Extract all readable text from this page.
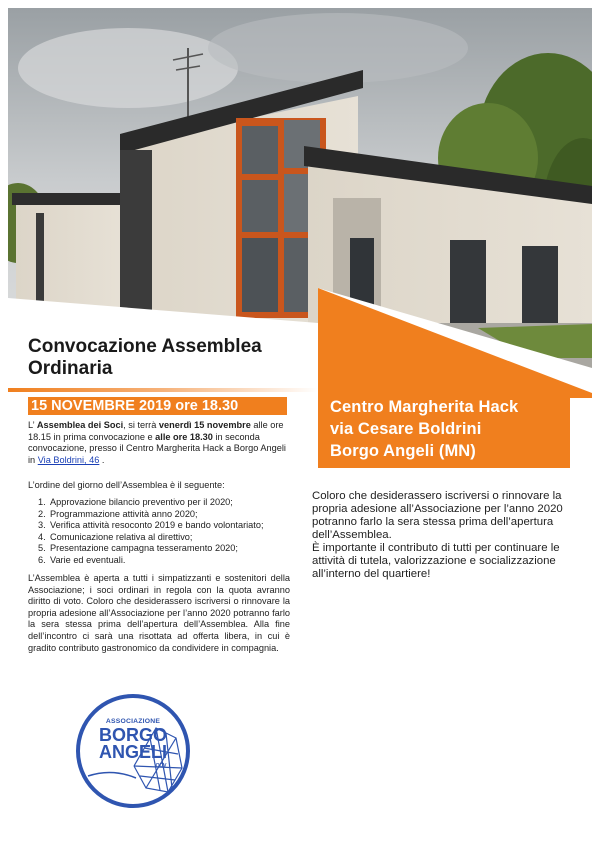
Centro Margherita Hack
via Cesare Boldrini
Borgo Angeli (MN)
Convocazione Assemblea
Ordinaria
15 NOVEMBRE 2019 ore 18.30
L’ Assemblea dei Soci, si terrà venerdì 15 novembre alle ore 18.15 in prima convocazione e alle ore 18.30 in seconda convocazione, presso il Centro Margherita Hack a Borgo Angeli in Via Boldrini, 46 .
L’ordine del giorno dell’Assemblea è il seguente:
1. Approvazione bilancio preventivo per il 2020;
2. Programmazione attività anno 2020;
3. Verifica attività resoconto 2019 e bando volontariato;
4. Comunicazione relativa al direttivo;
5. Presentazione campagna tesseramento 2020;
6. Varie ed eventuali.
L’Assemblea è aperta a tutti i simpatizzanti e sostenitori della Associazione; i soci ordinari in regola con la quota avranno diritto di voto. Coloro che desiderassero iscriversi o rinnovare la propria adesione all’Associazione per l’anno 2020 potranno farlo la sera stessa prima dell’apertura dell’Assemblea. Alla fine dell’incontro ci sarà una risottata ad offerta libera, in cui è gradito contributo gastronomico da condividere in compagnia.

Coloro che desiderassero iscriversi o rinnovare la propria adesione all’Associazione per l’anno 2020 potranno farlo la sera stessa prima dell’apertura dell’Assemblea.

È importante il contributo di tutti per continuare le attività di tutela, valorizzazione e socializzazione all’interno del quartiere!

ASSOCIAZIONE
BORGO
ANGELI
ODV
